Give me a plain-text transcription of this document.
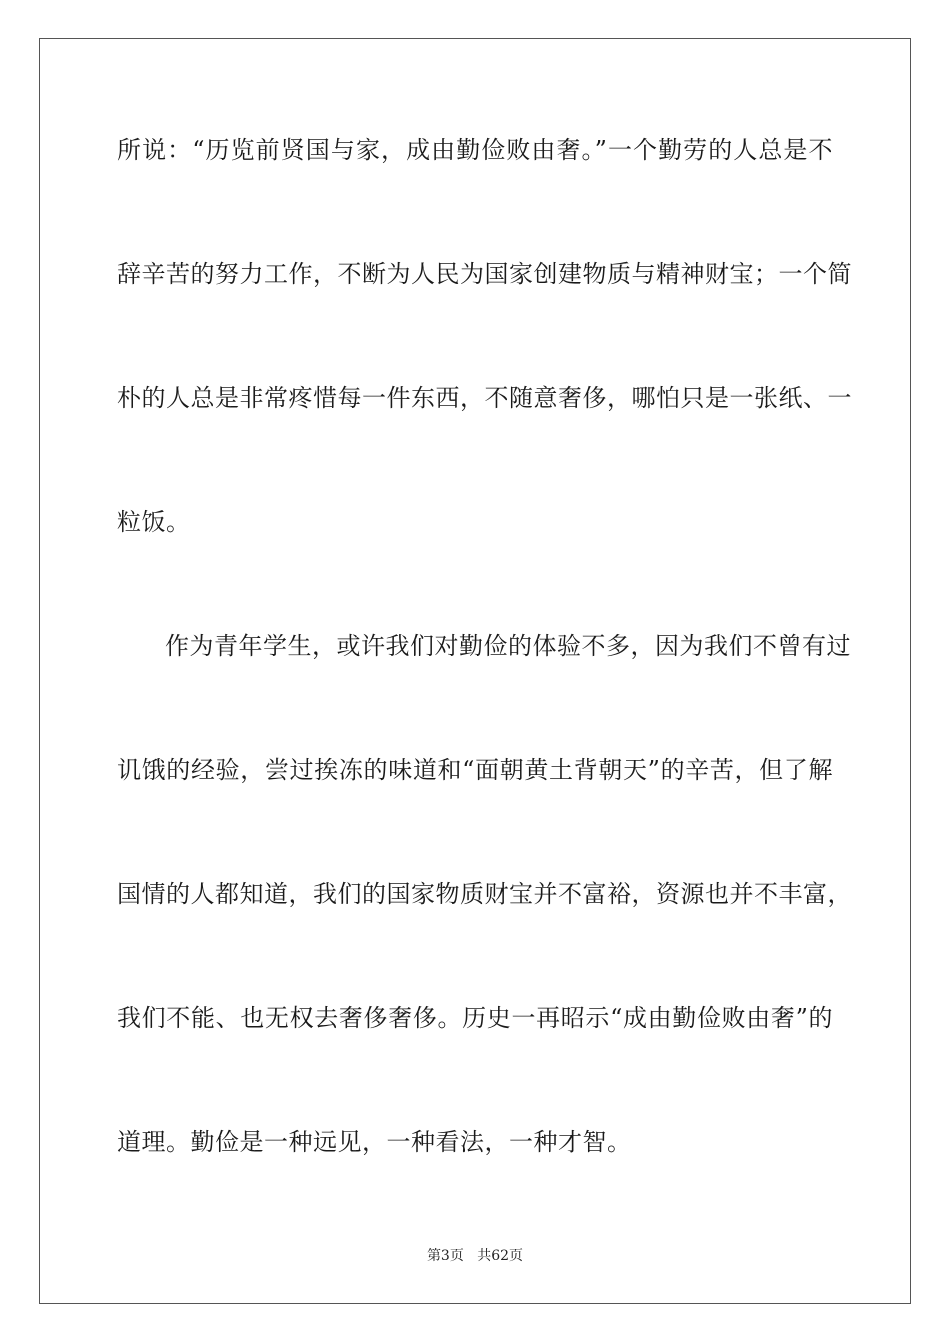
所说：“历览前贤国与家，成由勤俭败由奢。”一个勤劳的人总是不
辞辛苦的努力工作，不断为人民为国家创建物质与精神财宝；一个简
朴的人总是非常疼惜每一件东西，不随意奢侈，哪怕只是一张纸、一
粒饭。
作为青年学生，或许我们对勤俭的体验不多，因为我们不曾有过
讥饿的经验，尝过挨冻的味道和“面朝黄土背朝天”的辛苦，但了解
国情的人都知道，我们的国家物质财宝并不富裕，资源也并不丰富，
我们不能、也无权去奢侈奢侈。历史一再昭示“成由勤俭败由奢”的
道理。勤俭是一种远见，一种看法，一种才智。
第3页 共62页
